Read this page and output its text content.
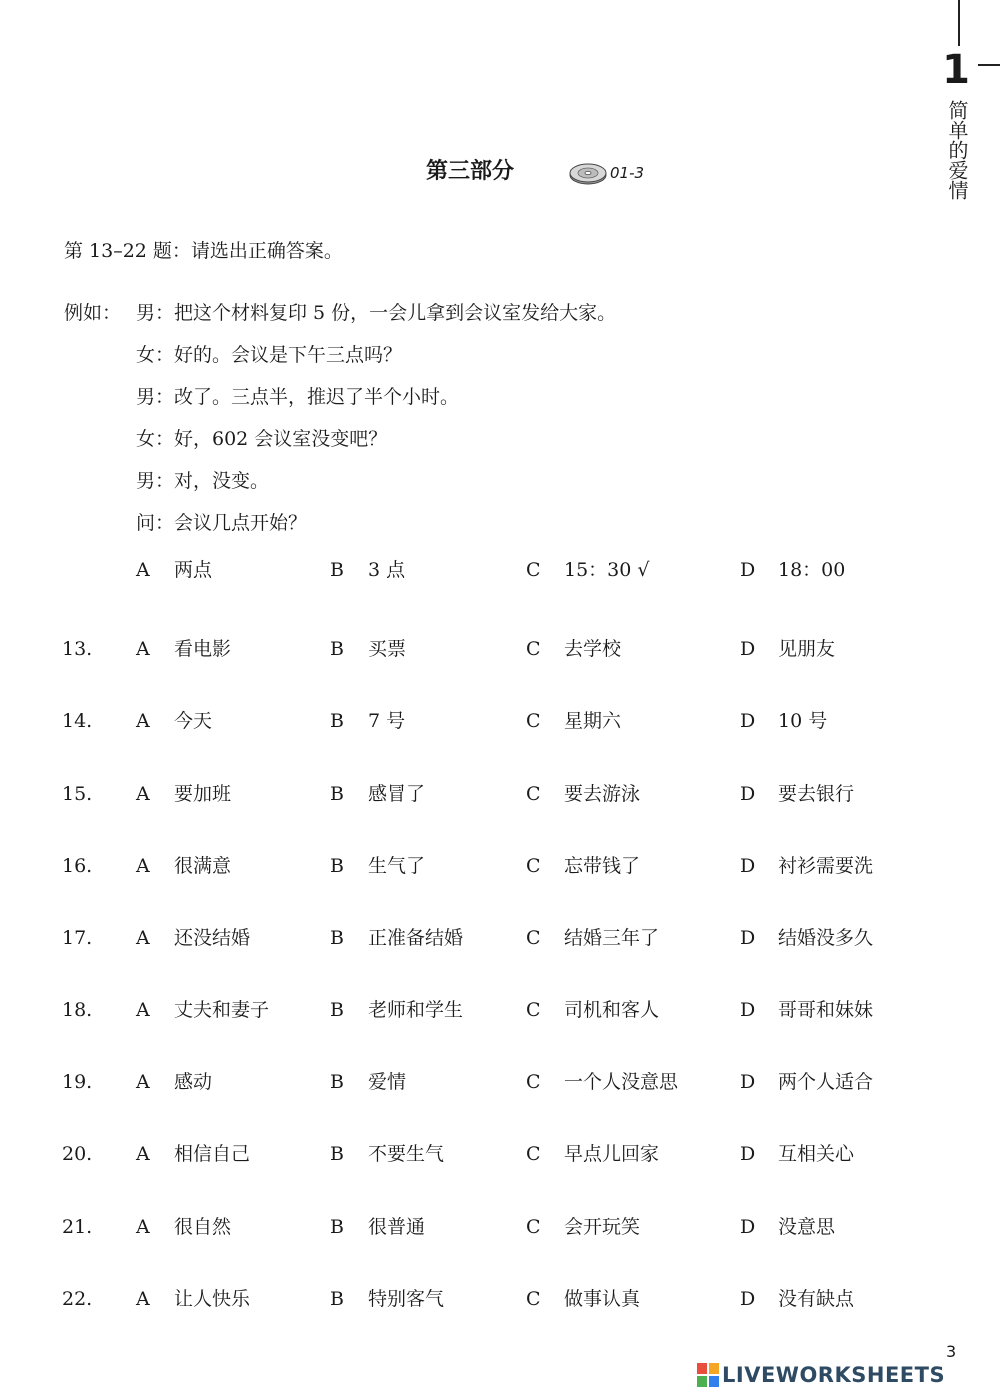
1
简单的爱情
第三部分	01-3
第 13–22 题：请选出正确答案。
例如： 男：把这个材料复印 5 份，一会儿拿到会议室发给大家。
女：好的。会议是下午三点吗？
男：改了。三点半，推迟了半个小时。
女：好，602 会议室没变吧？
男：对，没变。
问：会议几点开始？
A 两点	B 3 点	C 15：30 √	D 18：00
13. A 看电影	B 买票	C 去学校	D 见朋友
14. A 今天	B 7 号	C 星期六	D 10 号
15. A 要加班	B 感冒了	C 要去游泳	D 要去银行
16. A 很满意	B 生气了	C 忘带钱了	D 衬衫需要洗
17. A 还没结婚	B 正准备结婚	C 结婚三年了	D 结婚没多久
18. A 丈夫和妻子	B 老师和学生	C 司机和客人	D 哥哥和妹妹
19. A 感动	B 爱情	C 一个人没意思	D 两个人适合
20. A 相信自己	B 不要生气	C 早点儿回家	D 互相关心
21. A 很自然	B 很普通	C 会开玩笑	D 没意思
22. A 让人快乐	B 特别客气	C 做事认真	D 没有缺点
3
LIVEWORKSHEETS
